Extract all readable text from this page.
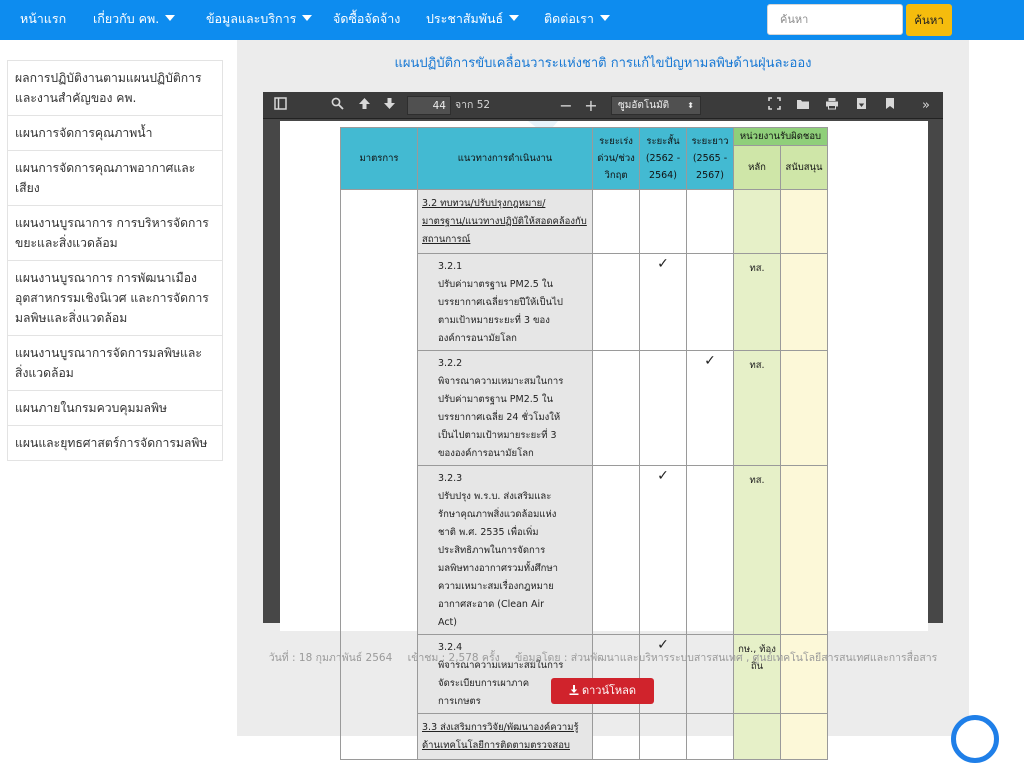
หน้าแรก เกี่ยวกับ คพ.	ข้อมูลและบริการ	จัดซื้อจัดจ้าง ประชาสัมพันธ์	ติดต่อเรา
ค้นหา	ค้นหา
แผนปฏิบัติการขับเคลื่อนวาระแห่งชาติ การแก้ไขปัญหามลพิษด้านฝุ่นละออง
ผลการปฏิบัติงานตามแผนปฏิบัติการและงานสำคัญของ คพ.
แผนการจัดการคุณภาพน้ำ
แผนการจัดการคุณภาพอากาศและเสียง
แผนงานบูรณาการ การบริหารจัดการขยะและสิ่งแวดล้อม
แผนงานบูรณาการ การพัฒนาเมืองอุตสาหกรรมเชิงนิเวศ และการจัดการมลพิษและสิ่งแวดล้อม
แผนงานบูรณาการจัดการมลพิษและสิ่งแวดล้อม
แผนภายในกรมควบคุมมลพิษ
แผนและยุทธศาสตร์การจัดการมลพิษ
44
จาก 52	− +	ซูมอัตโนมัติ ⬍	»
มาตรการ	แนวทางการดำเนินงาน	ระยะเร่งด่วน/ช่วงวิกฤต	ระยะสั้น (2562 - 2564)	ระยะยาว (2565 - 2567)	หน่วยงานรับผิดชอบ	
					หลัก	สนับสนุน
	3.2 ทบทวน/ปรับปรุงกฎหมาย/มาตรฐาน/แนวทางปฏิบัติให้สอดคล้องกับสถานการณ์					
	3.2.1ปรับค่ามาตรฐาน PM2.5 ในบรรยากาศเฉลี่ยรายปีให้เป็นไปตามเป้าหมายระยะที่ 3 ขององค์การอนามัยโลก		✓		ทส.	
	3.2.2พิจารณาความเหมาะสมในการปรับค่ามาตรฐาน PM2.5 ในบรรยากาศเฉลี่ย 24 ชั่วโมงให้เป็นไปตามเป้าหมายระยะที่ 3 ขององค์การอนามัยโลก			✓	ทส.	
	3.2.3ปรับปรุง พ.ร.บ. ส่งเสริมและรักษาคุณภาพสิ่งแวดล้อมแห่งชาติ พ.ศ. 2535 เพื่อเพิ่มประสิทธิภาพในการจัดการมลพิษทางอากาศรวมทั้งศึกษาความเหมาะสมเรื่องกฎหมายอากาศสะอาด (Clean Air Act)		✓		ทส.	
	3.2.4พิจารณาความเหมาะสมในการจัดระเบียบการเผาภาคการเกษตร		✓		กษ., ท้องถิ่น	
	3.3 ส่งเสริมการวิจัย/พัฒนาองค์ความรู้ด้านเทคโนโลยีการติดตามตรวจสอบ					
วันที่ : 18 กุมภาพันธ์ 2564 เข้าชม : 2,578 ครั้ง ข้อมูลโดย : ส่วนพัฒนาและบริหารระบบสารสนเทศ , ศูนย์เทคโนโลยีสารสนเทศและการสื่อสาร
ดาวน์โหลด
